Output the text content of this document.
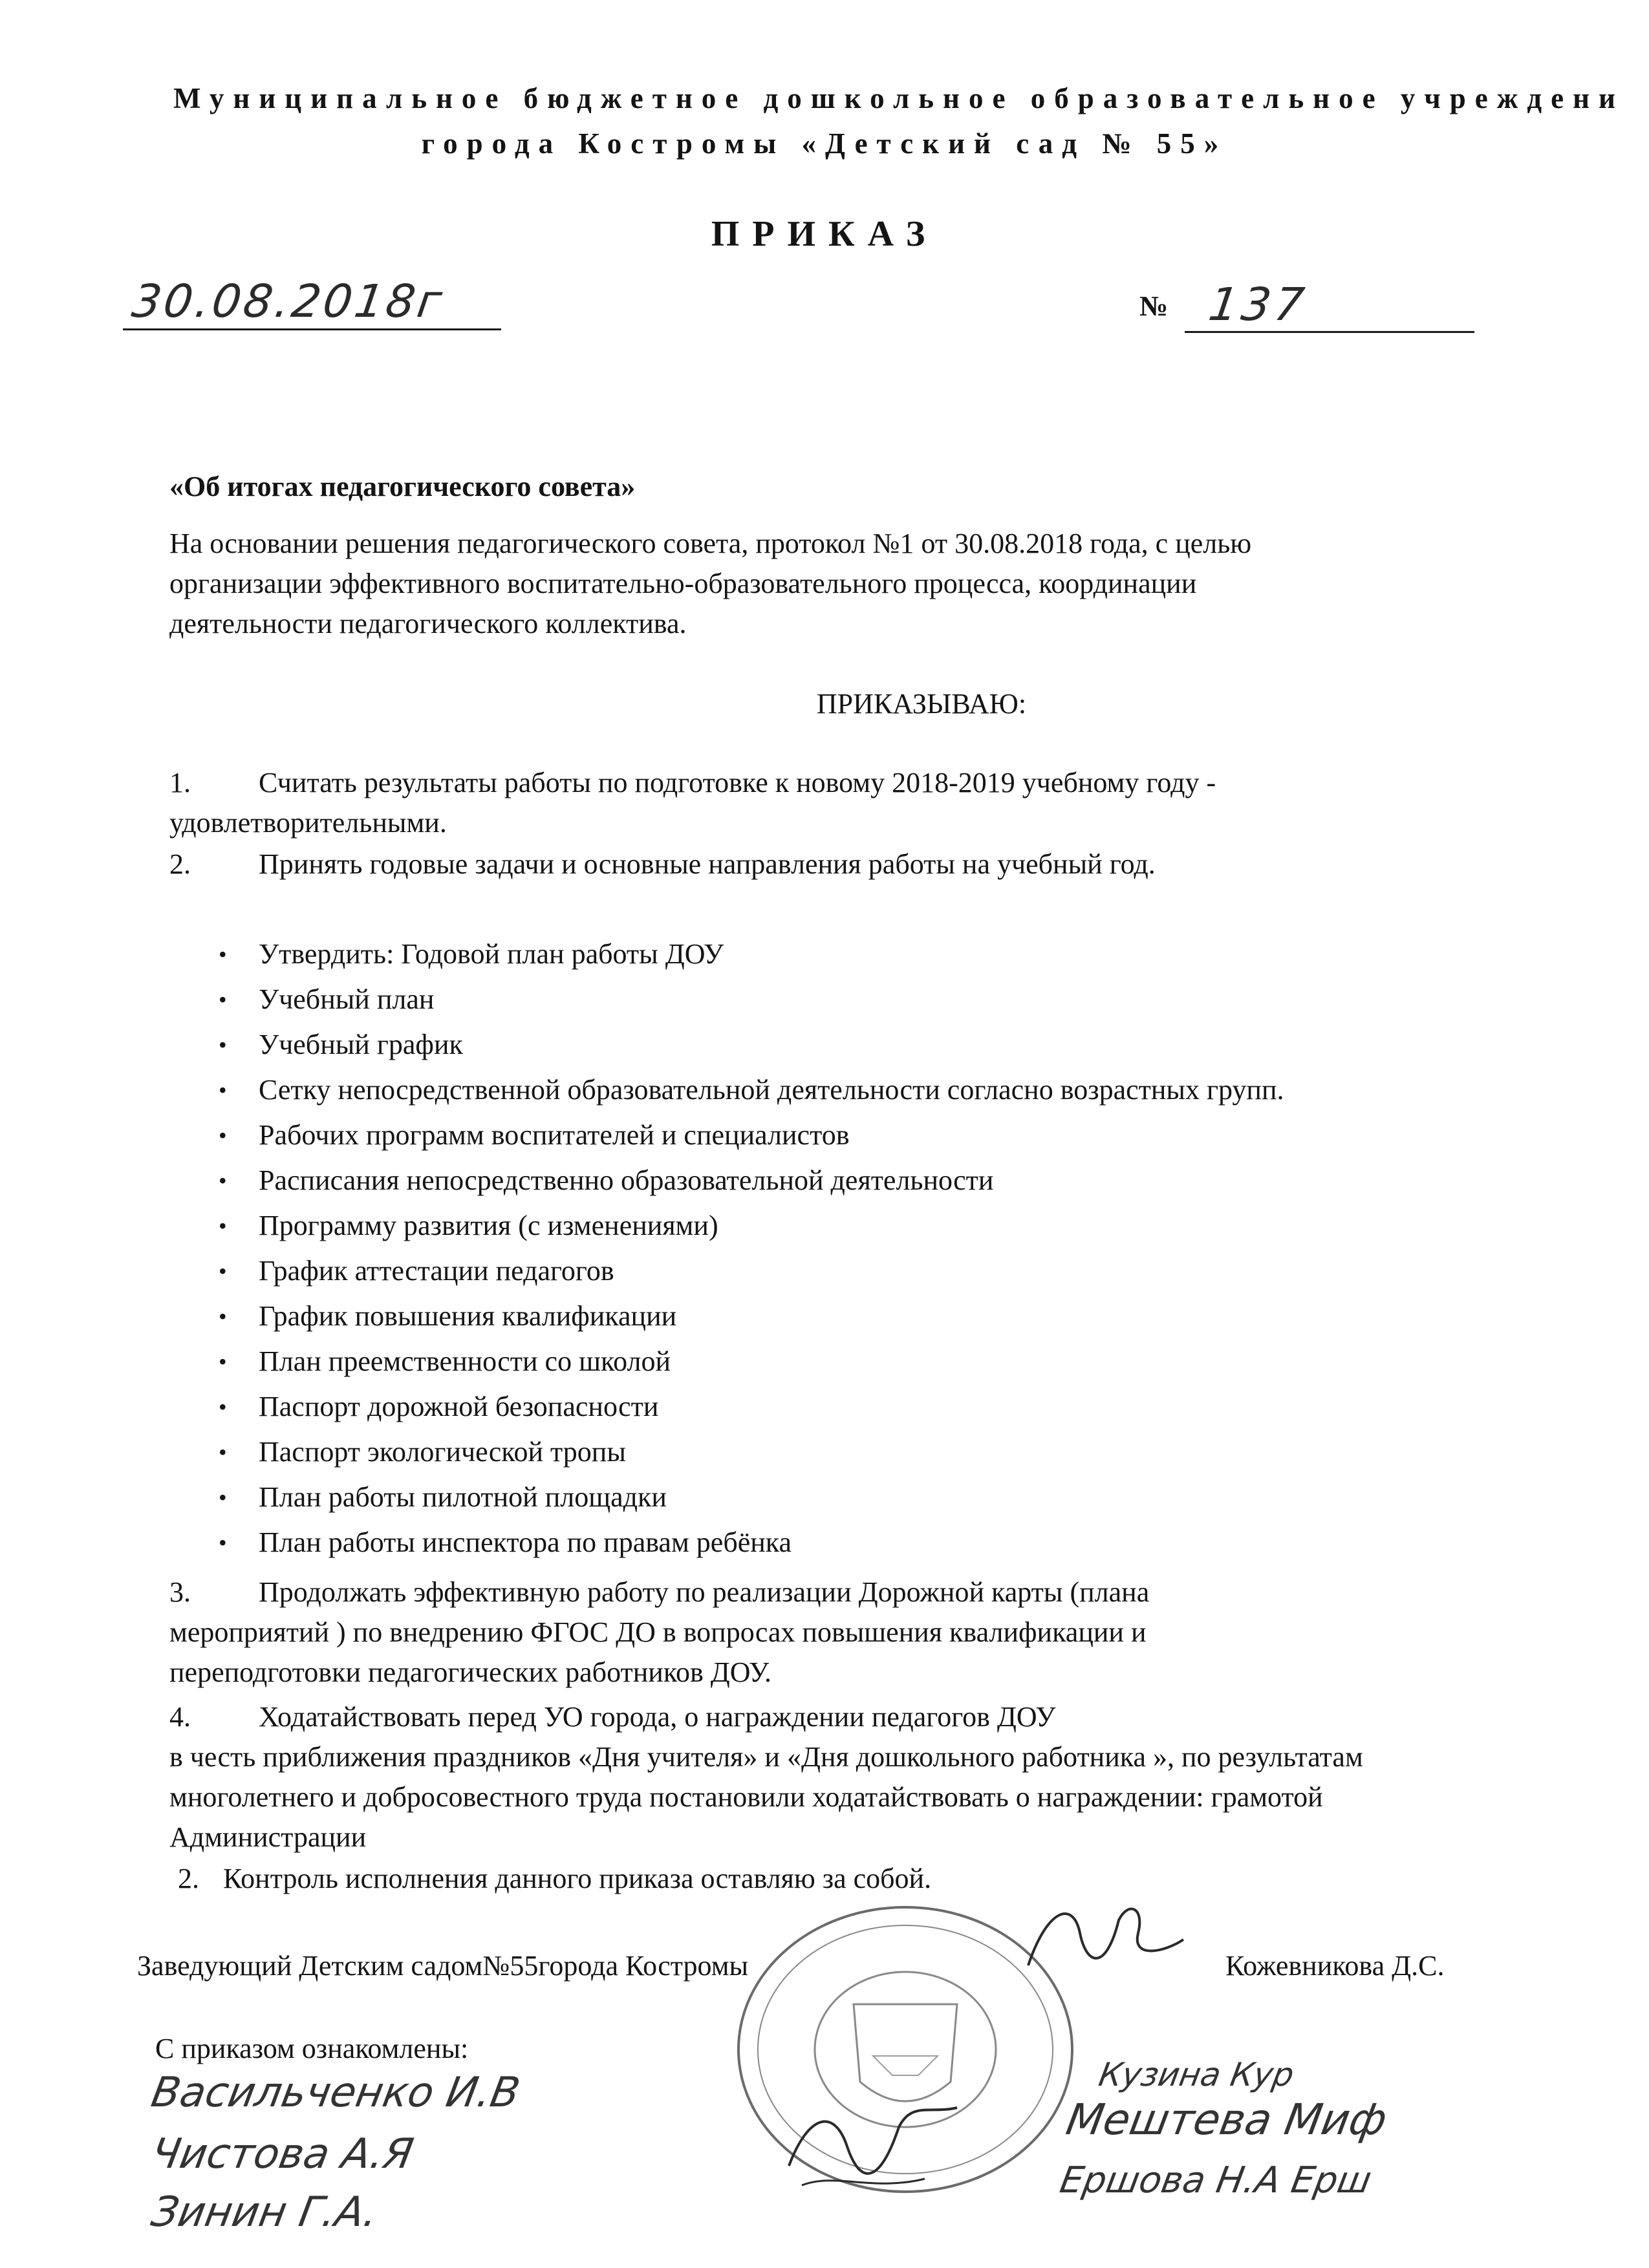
Муниципальное бюджетное дошкольное образовательное учреждени
города Костромы «Детский сад № 55»
ПРИКАЗ
30.08.2018г	№ 137
«Об итогах педагогического совета»
На основании решения педагогического совета, протокол №1 от 30.08.2018 года, с целью
организации эффективного воспитательно-образовательного процесса, координации
деятельности педагогического коллектива.
ПРИКАЗЫВАЮ:
1.	Считать результаты работы по подготовке к новому 2018-2019 учебному году -
удовлетворительными.
2.	Принять годовые задачи и основные направления работы на учебный год.
• Утвердить: Годовой план работы ДОУ
• Учебный план
• Учебный график
• Сетку непосредственной образовательной деятельности согласно возрастных групп.
• Рабочих программ воспитателей и специалистов
• Расписания непосредственно образовательной деятельности
• Программу развития (с изменениями)
• График аттестации педагогов
• График повышения квалификации
• План преемственности со школой
• Паспорт дорожной безопасности
• Паспорт экологической тропы
• План работы пилотной площадки
• План работы инспектора по правам ребёнка
3.	Продолжать эффективную работу по реализации Дорожной карты (плана
мероприятий ) по внедрению ФГОС ДО в вопросах повышения квалификации и
переподготовки педагогических работников ДОУ.
4.	Ходатайствовать перед УО города, о награждении педагогов ДОУ
в честь приближения праздников «Дня учителя» и «Дня дошкольного работника », по результатам
многолетнего и добросовестного труда постановили ходатайствовать о награждении: грамотой
Администрации
2. Контроль исполнения данного приказа оставляю за собой.
Заведующий Детским садом№55города Костромы	Кожевникова Д.С.
С приказом ознакомлены:
Васильченко И.В
Чистова А.Я
Зинин Г.А.
Кузина Кур
Мештева Миф
Ершова Н.А Ерш
